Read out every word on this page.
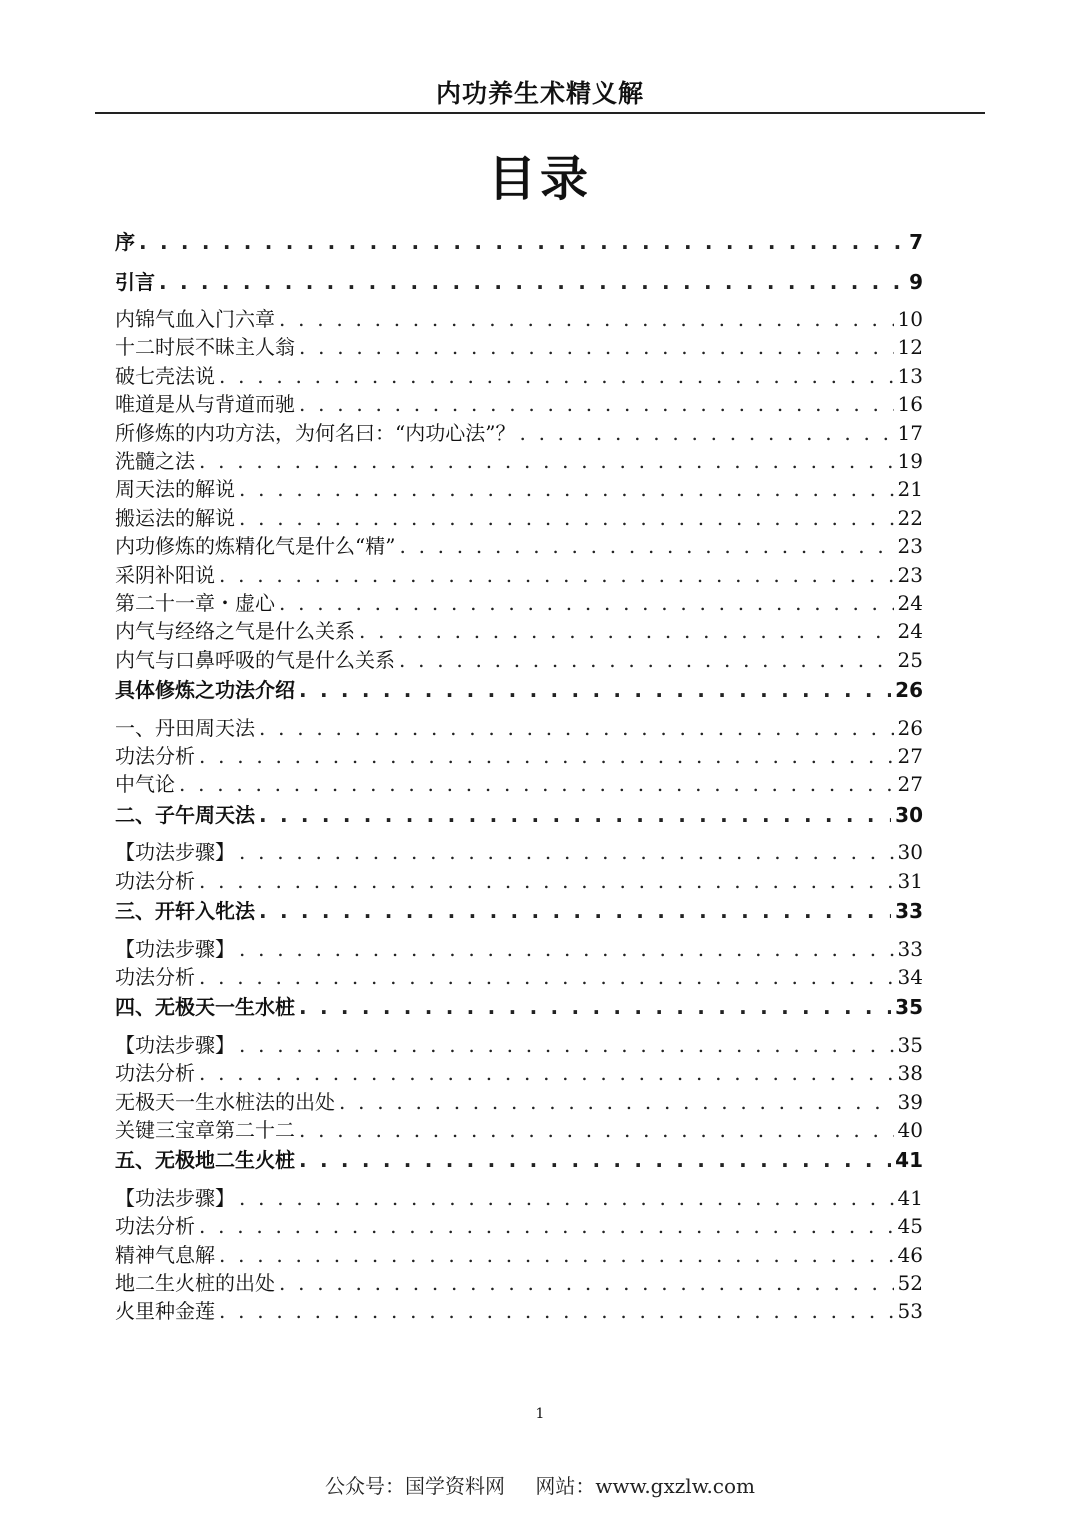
内功养生术精义解
目录
序 . . .	7
引言 . . .	9
内锦气血入门六章 . . .	10
十二时辰不昧主人翁 . . .	12
破七壳法说 . . .	13
唯道是从与背道而驰 . . .	16
所修炼的内功方法，为何名曰：“内功心法”？ . . .	17
洗髓之法 . . .	19
周天法的解说 . . .	21
搬运法的解说 . . .	22
内功修炼的炼精化气是什么“精” . . .	23
采阴补阳说 . . .	23
第二十一章・虚心 . . .	24
内气与经络之气是什么关系 . . .	24
内气与口鼻呼吸的气是什么关系 . . .	25
具体修炼之功法介绍 . . .	26
一、丹田周天法 . . .	26
功法分析 . . .	27
中气论 . . .	27
二、子午周天法 . . .	30
【功法步骤】 . . .	30
功法分析 . . .	31
三、开轩入牝法 . . .	33
【功法步骤】 . . .	33
功法分析 . . .	34
四、无极天一生水桩 . . .	35
【功法步骤】 . . .	35
功法分析 . . .	38
无极天一生水桩法的出处 . . .	39
关键三宝章第二十二 . . .	40
五、无极地二生火桩 . . .	41
【功法步骤】 . . .	41
功法分析 . . .	45
精神气息解 . . .	46
地二生火桩的出处 . . .	52
火里种金莲 . . .	53
1
公众号：国学资料网 网站：www.gxzlw.com
